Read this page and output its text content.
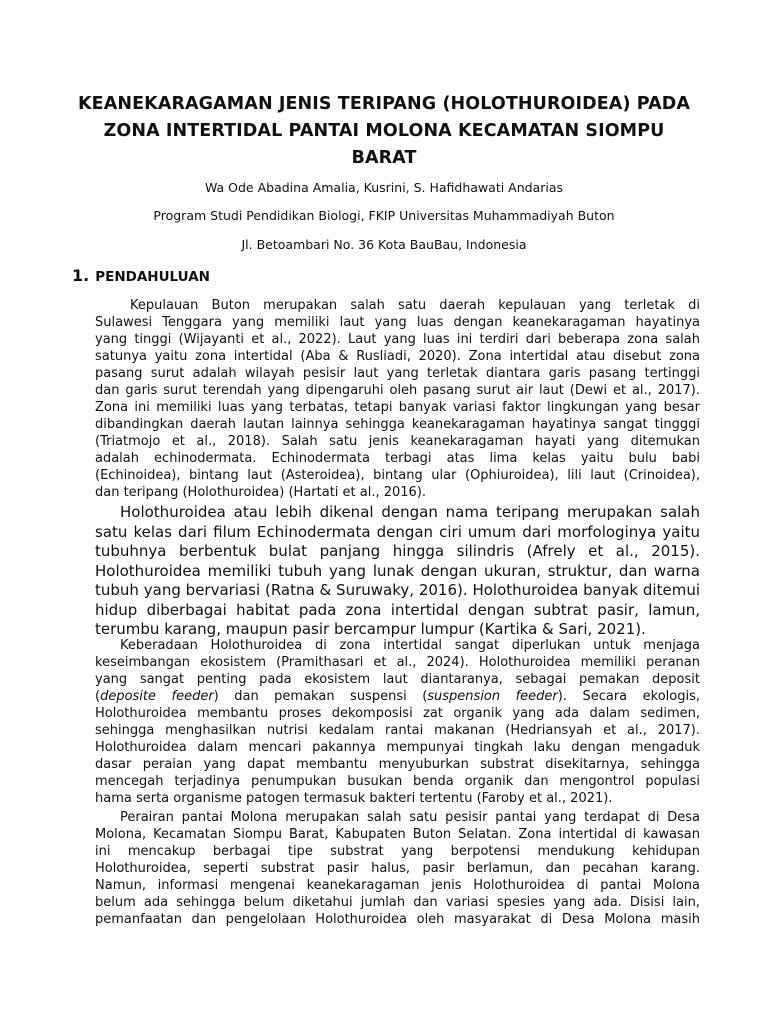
KEANEKARAGAMAN JENIS TERIPANG (HOLOTHUROIDEA) PADA
ZONA INTERTIDAL PANTAI MOLONA KECAMATAN SIOMPU
BARAT
Wa Ode Abadina Amalia, Kusrini, S. Hafidhawati Andarias
Program Studi Pendidikan Biologi, FKIP Universitas Muhammadiyah Buton
Jl. Betoambari No. 36 Kota BauBau, Indonesia
1. PENDAHULUAN
Kepulauan Buton merupakan salah satu daerah kepulauan yang terletak di
Sulawesi Tenggara yang memiliki laut yang luas dengan keanekaragaman hayatinya
yang tinggi (Wijayanti et al., 2022). Laut yang luas ini terdiri dari beberapa zona salah
satunya yaitu zona intertidal (Aba & Rusliadi, 2020). Zona intertidal atau disebut zona
pasang surut adalah wilayah pesisir laut yang terletak diantara garis pasang tertinggi
dan garis surut terendah yang dipengaruhi oleh pasang surut air laut (Dewi et al., 2017).
Zona ini memiliki luas yang terbatas, tetapi banyak variasi faktor lingkungan yang besar
dibandingkan daerah lautan lainnya sehingga keanekaragaman hayatinya sangat tingggi
(Triatmojo et al., 2018). Salah satu jenis keanekaragaman hayati yang ditemukan
adalah echinodermata. Echinodermata terbagi atas lima kelas yaitu bulu babi
(Echinoidea), bintang laut (Asteroidea), bintang ular (Ophiuroidea), lili laut (Crinoidea),
dan teripang (Holothuroidea) (Hartati et al., 2016).
Holothuroidea atau lebih dikenal dengan nama teripang merupakan salah
satu kelas dari filum Echinodermata dengan ciri umum dari morfologinya yaitu
tubuhnya berbentuk bulat panjang hingga silindris (Afrely et al., 2015).
Holothuroidea memiliki tubuh yang lunak dengan ukuran, struktur, dan warna
tubuh yang bervariasi (Ratna & Suruwaky, 2016). Holothuroidea banyak ditemui
hidup diberbagai habitat pada zona intertidal dengan subtrat pasir, lamun,
terumbu karang, maupun pasir bercampur lumpur (Kartika & Sari, 2021).
Keberadaan Holothuroidea di zona intertidal sangat diperlukan untuk menjaga
keseimbangan ekosistem (Pramithasari et al., 2024). Holothuroidea memiliki peranan
yang sangat penting pada ekosistem laut diantaranya, sebagai pemakan deposit
(deposite feeder) dan pemakan suspensi (suspension feeder). Secara ekologis,
Holothuroidea membantu proses dekomposisi zat organik yang ada dalam sedimen,
sehingga menghasilkan nutrisi kedalam rantai makanan (Hedriansyah et al., 2017).
Holothuroidea dalam mencari pakannya mempunyai tingkah laku dengan mengaduk
dasar peraian yang dapat membantu menyuburkan substrat disekitarnya, sehingga
mencegah terjadinya penumpukan busukan benda organik dan mengontrol populasi
hama serta organisme patogen termasuk bakteri tertentu (Faroby et al., 2021).
Perairan pantai Molona merupakan salah satu pesisir pantai yang terdapat di Desa
Molona, Kecamatan Siompu Barat, Kabupaten Buton Selatan. Zona intertidal di kawasan
ini mencakup berbagai tipe substrat yang berpotensi mendukung kehidupan
Holothuroidea, seperti substrat pasir halus, pasir berlamun, dan pecahan karang.
Namun, informasi mengenai keanekaragaman jenis Holothuroidea di pantai Molona
belum ada sehingga belum diketahui jumlah dan variasi spesies yang ada. Disisi lain,
pemanfaatan dan pengelolaan Holothuroidea oleh masyarakat di Desa Molona masih
